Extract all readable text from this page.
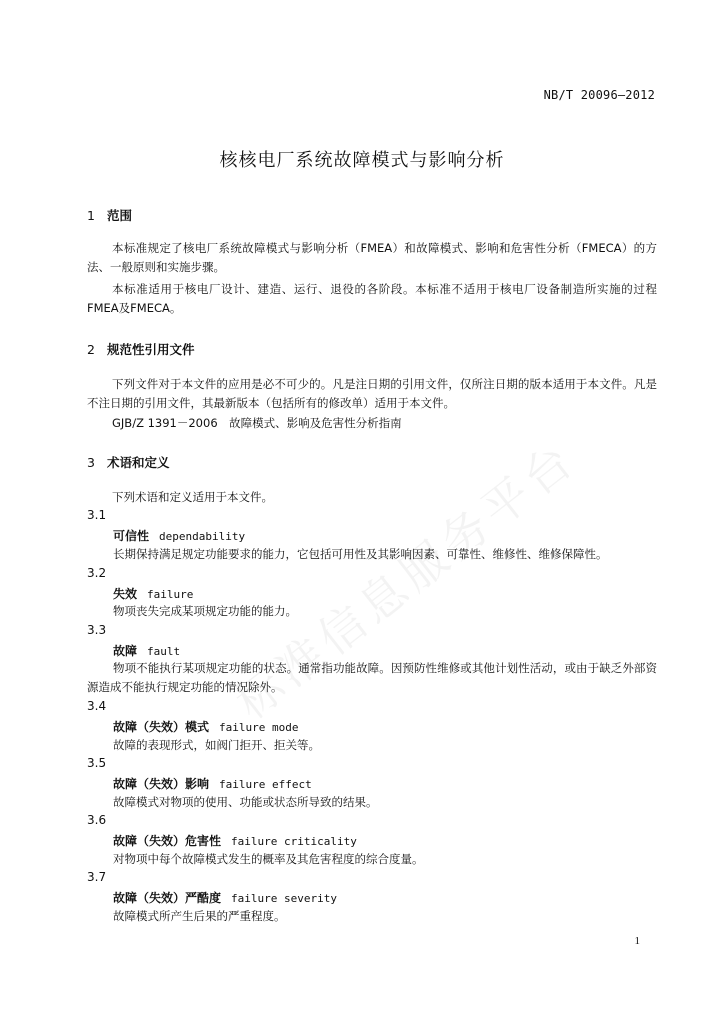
NB/T 20096—2012
核核电厂系统故障模式与影响分析
1 范围

本标准规定了核电厂系统故障模式与影响分析（FMEA）和故障模式、影响和危害性分析（FMECA）的方法、一般原则和实施步骤。

本标准适用于核电厂设计、建造、运行、退役的各阶段。本标准不适用于核电厂设备制造所实施的过程FMEA及FMECA。

2 规范性引用文件

下列文件对于本文件的应用是必不可少的。凡是注日期的引用文件，仅所注日期的版本适用于本文件。凡是不注日期的引用文件，其最新版本（包括所有的修改单）适用于本文件。

GJB/Z 1391－2006　故障模式、影响及危害性分析指南
3 术语和定义
下列术语和定义适用于本文件。
3.1
可信性 dependability
长期保持满足规定功能要求的能力，它包括可用性及其影响因素、可靠性、维修性、维修保障性。
3.2
失效 failure
物项丧失完成某项规定功能的能力。
3.3
故障 fault

物项不能执行某项规定功能的状态。通常指功能故障。因预防性维修或其他计划性活动，或由于缺乏外部资源造成不能执行规定功能的情况除外。

3.4
故障（失效）模式 failure mode
故障的表现形式，如阀门拒开、拒关等。
3.5
故障（失效）影响 failure effect
故障模式对物项的使用、功能或状态所导致的结果。
3.6
故障（失效）危害性 failure criticality
对物项中每个故障模式发生的概率及其危害程度的综合度量。
3.7
故障（失效）严酷度 failure severity
故障模式所产生后果的严重程度。
1
